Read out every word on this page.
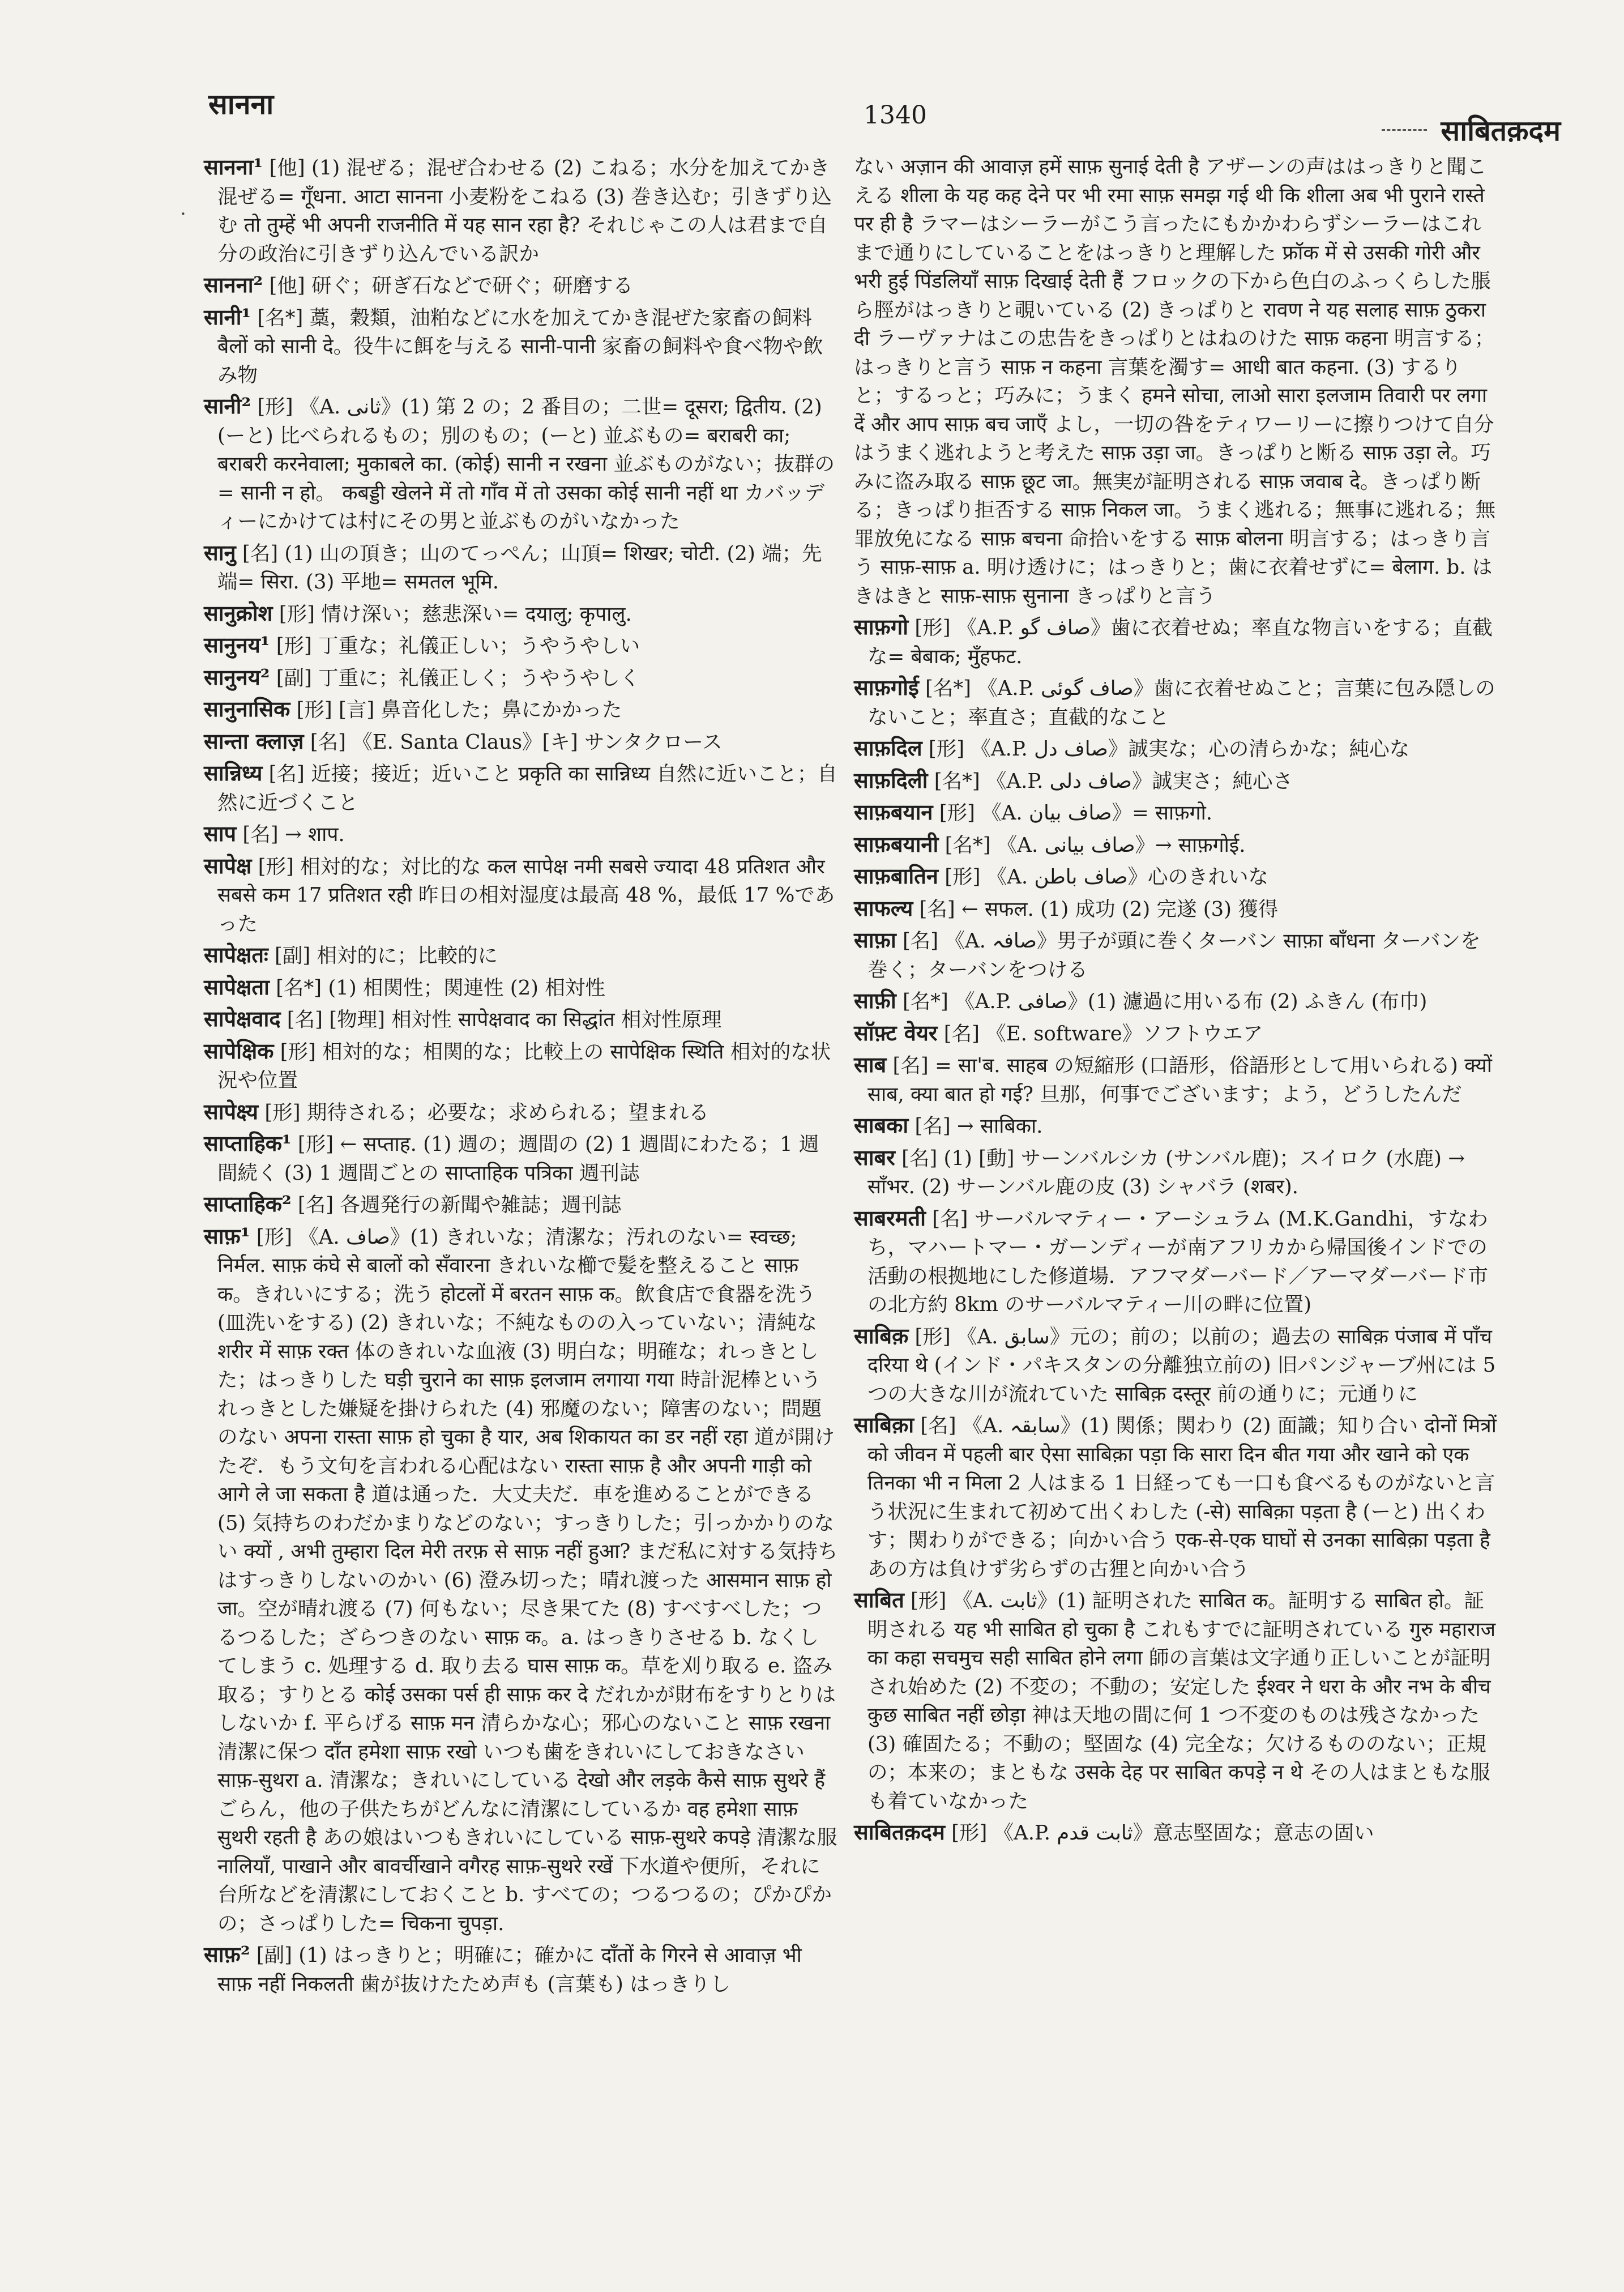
सानना	1340	साबितक़दम
·

सानना¹ [他] (1) 混ぜる；混ぜ合わせる (2) こねる；水分を加えてかき混ぜる= गूँधना. आटा सानना 小麦粉をこねる (3) 巻き込む；引きずり込む तो तुम्हें भी अपनी राजनीति में यह सान रहा है? それじゃこの人は君まで自分の政治に引きずり込んでいる訳か

सानना² [他] 研ぐ；研ぎ石などで研ぐ；研磨する

सानी¹ [名*] 藁，穀類，油粕などに水を加えてかき混ぜた家畜の飼料 बैलों को सानी दे。役牛に餌を与える सानी-पानी 家畜の飼料や食べ物や飲み物

सानी² [形] 《A. ثانی》(1) 第 2 の；2 番目の；二世= दूसरा; द्वितीय. (2) (ーと) 比べられるもの；別のもの；(ーと) 並ぶもの= बराबरी का; बराबरी करनेवाला; मुकाबले का. (कोई) सानी न रखना 並ぶものがない；抜群の= सानी न हो。 कबड्डी खेलने में तो गाँव में तो उसका कोई सानी नहीं था カバッディーにかけては村にその男と並ぶものがいなかった

सानु [名] (1) 山の頂き；山のてっぺん；山頂= शिखर; चोटी. (2) 端；先端= सिरा. (3) 平地= समतल भूमि.

सानुक्रोश [形] 情け深い；慈悲深い= दयालु; कृपालु.

सानुनय¹ [形] 丁重な；礼儀正しい；うやうやしい

सानुनय² [副] 丁重に；礼儀正しく；うやうやしく

सानुनासिक [形] [言] 鼻音化した；鼻にかかった

सान्ता क्लाज़ [名] 《E. Santa Claus》[キ] サンタクロース

सान्निध्य [名] 近接；接近；近いこと प्रकृति का सान्निध्य 自然に近いこと；自然に近づくこと

साप [名] → शाप.

सापेक्ष [形] 相対的な；対比的な कल सापेक्ष नमी सबसे ज्यादा 48 प्रतिशत और सबसे कम 17 प्रतिशत रही 昨日の相対湿度は最高 48 %，最低 17 %であった

सापेक्षतः [副] 相対的に；比較的に

सापेक्षता [名*] (1) 相関性；関連性 (2) 相対性

सापेक्षवाद [名] [物理] 相対性 सापेक्षवाद का सिद्धांत 相対性原理

सापेक्षिक [形] 相対的な；相関的な；比較上の सापेक्षिक स्थिति 相対的な状況や位置

सापेक्ष्य [形] 期待される；必要な；求められる；望まれる

साप्ताहिक¹ [形] ← सप्ताह. (1) 週の；週間の (2) 1 週間にわたる；1 週間続く (3) 1 週間ごとの साप्ताहिक पत्रिका 週刊誌

साप्ताहिक² [名] 各週発行の新聞や雑誌；週刊誌

साफ़¹ [形] 《A. صاف》(1) きれいな；清潔な；汚れのない= स्वच्छ; निर्मल. साफ़ कंघे से बालों को सँवारना きれいな櫛で髪を整えること साफ़ क。きれいにする；洗う होटलों में बरतन साफ़ क。飲食店で食器を洗う (皿洗いをする) (2) きれいな；不純なものの入っていない；清純な शरीर में साफ़ रक्त 体のきれいな血液 (3) 明白な；明確な；れっきとした；はっきりした घड़ी चुराने का साफ़ इलजाम लगाया गया 時計泥棒というれっきとした嫌疑を掛けられた (4) 邪魔のない；障害のない；問題のない अपना रास्ता साफ़ हो चुका है यार, अब शिकायत का डर नहीं रहा 道が開けたぞ．もう文句を言われる心配はない रास्ता साफ़ है और अपनी गाड़ी को आगे ले जा सकता है 道は通った．大丈夫だ．車を進めることができる (5) 気持ちのわだかまりなどのない；すっきりした；引っかかりのない क्यों , अभी तुम्हारा दिल मेरी तरफ़ से साफ़ नहीं हुआ? まだ私に対する気持ちはすっきりしないのかい (6) 澄み切った；晴れ渡った आसमान साफ़ हो जा。空が晴れ渡る (7) 何もない；尽き果てた (8) すべすべした；つるつるした；ざらつきのない साफ़ क。a. はっきりさせる b. なくしてしまう c. 処理する d. 取り去る घास साफ़ क。草を刈り取る e. 盗み取る；すりとる कोई उसका पर्स ही साफ़ कर दे だれかが財布をすりとりはしないか f. 平らげる साफ़ मन 清らかな心；邪心のないこと साफ़ रखना 清潔に保つ दाँत हमेशा साफ़ रखो いつも歯をきれいにしておきなさい साफ़-सुथरा a. 清潔な；きれいにしている देखो और लड़के कैसे साफ़ सुथरे हैं ごらん，他の子供たちがどんなに清潔にしているか वह हमेशा साफ़ सुथरी रहती है あの娘はいつもきれいにしている साफ़-सुथरे कपड़े 清潔な服 नालियाँ, पाखाने और बावर्चीखाने वगैरह साफ़-सुथरे रखें 下水道や便所，それに台所などを清潔にしておくこと b. すべての；つるつるの；ぴかぴかの；さっぱりした= चिकना चुपड़ा.

साफ़² [副] (1) はっきりと；明確に；確かに दाँतों के गिरने से आवाज़ भी साफ़ नहीं निकलती 歯が抜けたため声も (言葉も) はっきりし

ない अज़ान की आवाज़ हमें साफ़ सुनाई देती है アザーンの声ははっきりと聞こえる शीला के यह कह देने पर भी रमा साफ़ समझ गई थी कि शीला अब भी पुराने रास्ते पर ही है ラマーはシーラーがこう言ったにもかかわらずシーラーはこれまで通りにしていることをはっきりと理解した फ्रॉक में से उसकी गोरी और भरी हुई पिंडलियाँ साफ़ दिखाई देती हैं フロックの下から色白のふっくらした脹ら脛がはっきりと覗いている (2) きっぱりと रावण ने यह सलाह साफ़ ठुकरा दी ラーヴァナはこの忠告をきっぱりとはねのけた साफ़ कहना 明言する；はっきりと言う साफ़ न कहना 言葉を濁す= आधी बात कहना. (3) するりと；するっと；巧みに；うまく हमने सोचा, लाओ सारा इलजाम तिवारी पर लगा दें और आप साफ़ बच जाएँ よし，一切の咎をティワーリーに擦りつけて自分はうまく逃れようと考えた साफ़ उड़ा जा。きっぱりと断る साफ़ उड़ा ले。巧みに盗み取る साफ़ छूट जा。無実が証明される साफ़ जवाब दे。きっぱり断る；きっぱり拒否する साफ़ निकल जा。うまく逃れる；無事に逃れる；無罪放免になる साफ़ बचना 命拾いをする साफ़ बोलना 明言する；はっきり言う साफ़-साफ़ a. 明け透けに；はっきりと；歯に衣着せずに= बेलाग. b. はきはきと साफ़-साफ़ सुनाना きっぱりと言う

साफ़गो [形] 《A.P. صاف گو》歯に衣着せぬ；率直な物言いをする；直截な= बेबाक; मुँहफट.

साफ़गोई [名*] 《A.P. صاف گوئی》歯に衣着せぬこと；言葉に包み隠しのないこと；率直さ；直截的なこと

साफ़दिल [形] 《A.P. صاف دل》誠実な；心の清らかな；純心な

साफ़दिली [名*] 《A.P. صاف دلی》誠実さ；純心さ

साफ़बयान [形] 《A. صاف بیان》= साफ़गो.

साफ़बयानी [名*] 《A. صاف بیانی》→ साफ़गोई.

साफ़बातिन [形] 《A. صاف باطن》心のきれいな

साफल्य [名] ← सफल. (1) 成功 (2) 完遂 (3) 獲得

साफ़ा [名] 《A. صافہ》男子が頭に巻くターバン साफ़ा बाँधना ターバンを巻く；ターバンをつける

साफ़ी [名*] 《A.P. صافی》(1) 濾過に用いる布 (2) ふきん (布巾)

सॉफ़्ट वेयर [名] 《E. software》ソフトウエア

साब [名] = सा'ब. साहब の短縮形 (口語形，俗語形として用いられる) क्यों साब, क्या बात हो गई? 旦那，何事でございます；よう，どうしたんだ

साबका [名] → साबिका.

साबर [名] (1) [動] サーンバルシカ (サンバル鹿)；スイロク (水鹿) → साँभर. (2) サーンバル鹿の皮 (3) シャバラ (शबर).

साबरमती [名] サーバルマティー・アーシュラム (M.K.Gandhi，すなわち，マハートマー・ガーンディーが南アフリカから帰国後インドでの活動の根拠地にした修道場．アフマダーバード／アーマダーバード市の北方約 8km のサーバルマティー川の畔に位置)

साबिक़ [形] 《A. سابق》元の；前の；以前の；過去の साबिक़ पंजाब में पाँच दरिया थे (インド・パキスタンの分離独立前の) 旧パンジャーブ州には 5 つの大きな川が流れていた साबिक़ दस्तूर 前の通りに；元通りに

साबिक़ा [名] 《A. سابقہ》(1) 関係；関わり (2) 面識；知り合い दोनों मित्रों को जीवन में पहली बार ऐसा साबिक़ा पड़ा कि सारा दिन बीत गया और खाने को एक तिनका भी न मिला 2 人はまる 1 日経っても一口も食べるものがないと言う状況に生まれて初めて出くわした (-से) साबिक़ा पड़ता है (ーと) 出くわす；関わりができる；向かい合う एक-से-एक घाघों से उनका साबिक़ा पड़ता है あの方は負けず劣らずの古狸と向かい合う

साबित [形] 《A. ثابت》(1) 証明された साबित क。証明する साबित हो。証明される यह भी साबित हो चुका है これもすでに証明されている गुरु महाराज का कहा सचमुच सही साबित होने लगा 師の言葉は文字通り正しいことが証明され始めた (2) 不変の；不動の；安定した ईश्वर ने धरा के और नभ के बीच कुछ साबित नहीं छोड़ा 神は天地の間に何 1 つ不変のものは残さなかった (3) 確固たる；不動の；堅固な (4) 完全な；欠けるもののない；正規の；本来の；まともな उसके देह पर साबित कपड़े न थे その人はまともな服も着ていなかった

साबितक़दम [形] 《A.P. ثابت قدم》意志堅固な；意志の固い
